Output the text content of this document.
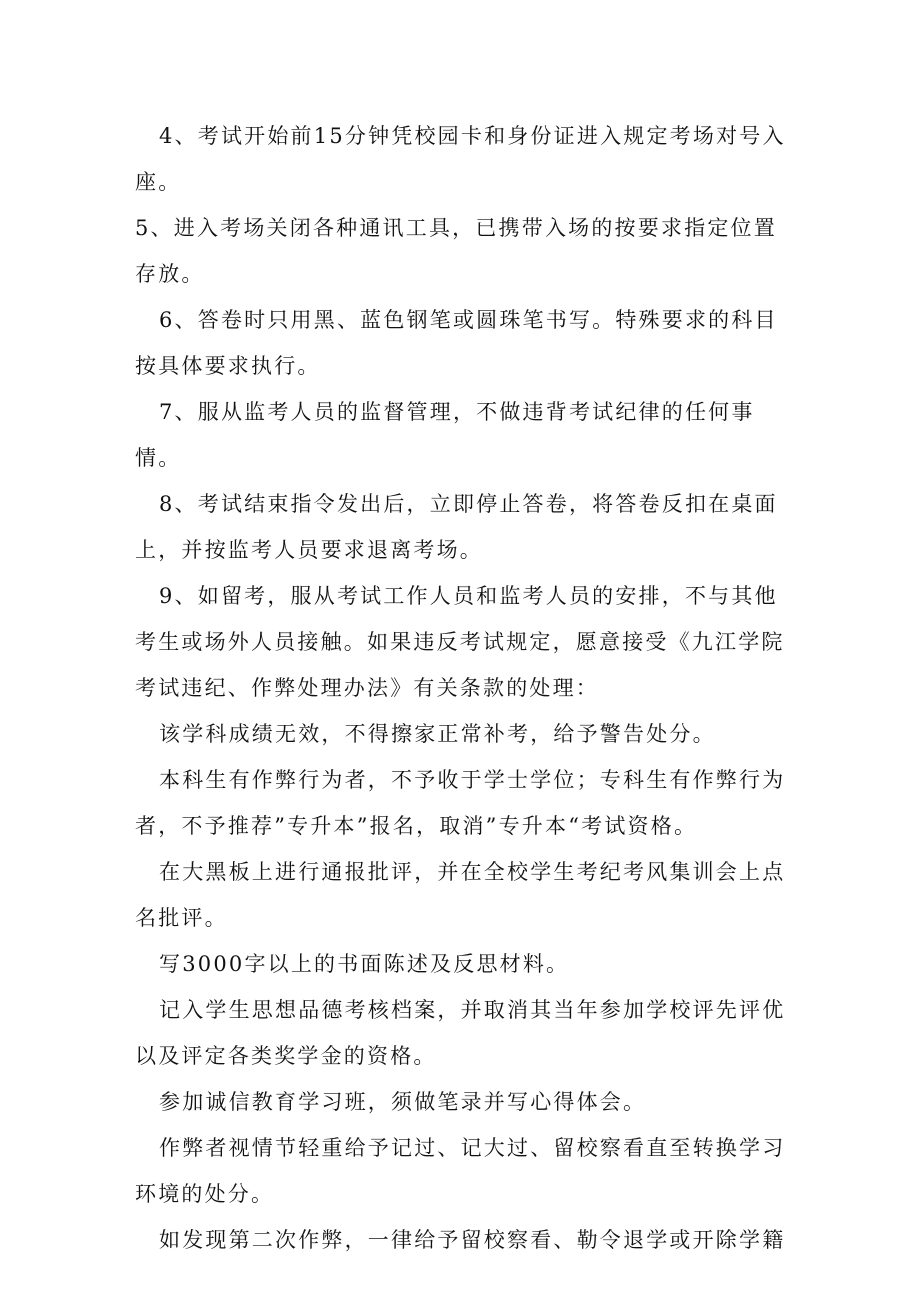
4、考试开始前15分钟凭校园卡和身份证进入规定考场对号入座。

5、进入考场关闭各种通讯工具，已携带入场的按要求指定位置存放。

6、答卷时只用黑、蓝色钢笔或圆珠笔书写。特殊要求的科目按具体要求执行。

7、服从监考人员的监督管理，不做违背考试纪律的任何事情。

8、考试结束指令发出后，立即停止答卷，将答卷反扣在桌面上，并按监考人员要求退离考场。

9、如留考，服从考试工作人员和监考人员的安排，不与其他考生或场外人员接触。如果违反考试规定，愿意接受《九江学院考试违纪、作弊处理办法》有关条款的处理：

该学科成绩无效，不得擦家正常补考，给予警告处分。

本科生有作弊行为者，不予收于学士学位；专科生有作弊行为者，不予推荐”专升本”报名，取消”专升本“考试资格。

在大黑板上进行通报批评，并在全校学生考纪考风集训会上点名批评。

写3000字以上的书面陈述及反思材料。

记入学生思想品德考核档案，并取消其当年参加学校评先评优以及评定各类奖学金的资格。

参加诚信教育学习班，须做笔录并写心得体会。

作弊者视情节轻重给予记过、记大过、留校察看直至转换学习环境的处分。

如发现第二次作弊，一律给予留校察看、勒令退学或开除学籍
